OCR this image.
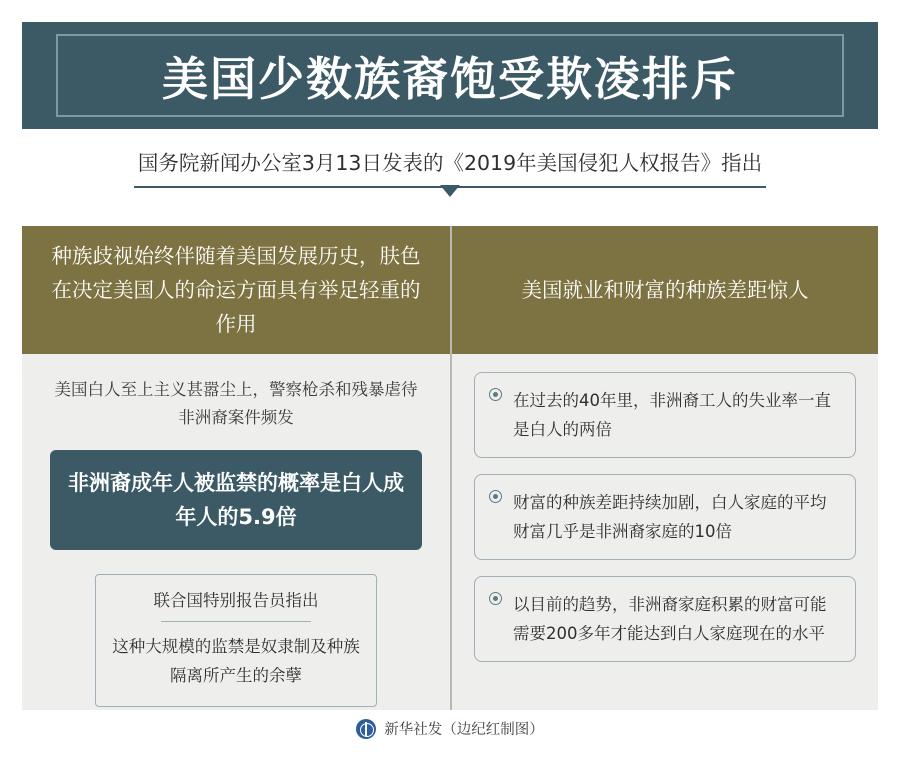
美国少数族裔饱受欺凌排斥
国务院新闻办公室3月13日发表的《2019年美国侵犯人权报告》指出
种族歧视始终伴随着美国发展历史，肤色在决定美国人的命运方面具有举足轻重的作用
美国白人至上主义甚嚣尘上，警察枪杀和残暴虐待非洲裔案件频发
非洲裔成年人被监禁的概率是白人成年人的5.9倍
联合国特别报告员指出
这种大规模的监禁是奴隶制及种族隔离所产生的余孽
美国就业和财富的种族差距惊人
在过去的40年里，非洲裔工人的失业率一直是白人的两倍
财富的种族差距持续加剧，白人家庭的平均财富几乎是非洲裔家庭的10倍
以目前的趋势，非洲裔家庭积累的财富可能需要200多年才能达到白人家庭现在的水平
新华社发（边纪红制图）
